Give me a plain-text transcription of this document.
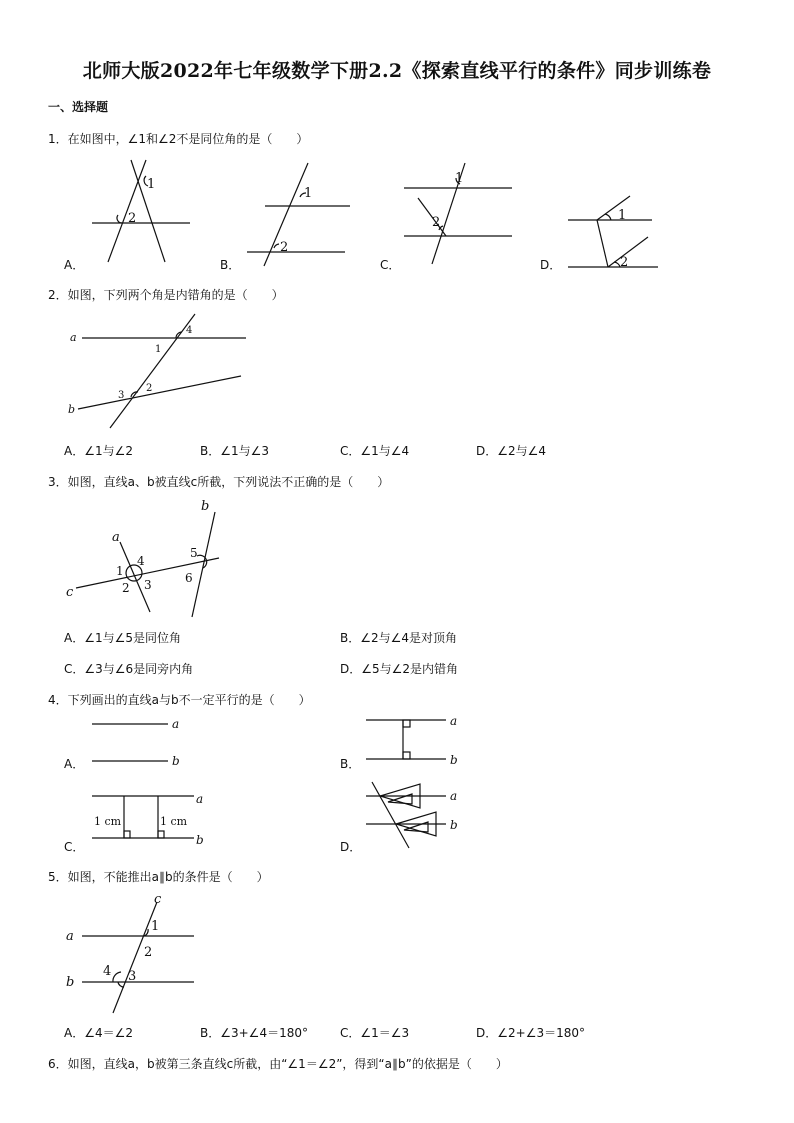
北师大版2022年七年级数学下册2.2《探索直线平行的条件》同步训练卷
一、选择题
1．在如图中，∠1和∠2不是同位角的是（　　）
A．	B．	C．	D．
1
2
1
2
1
2	1
2
2．如图，下列两个角是内错角的是（　　）
a
b
4
1
2
3
A．∠1与∠2	B．∠1与∠3	C．∠1与∠4	D．∠2与∠4
3．如图，直线a、b被直线c所截，下列说法不正确的是（　　）
b
a
c
4
1
2 3
5
6
A．∠1与∠5是同位角	B．∠2与∠4是对顶角
C．∠3与∠6是同旁内角	D．∠5与∠2是内错角
4．下列画出的直线a与b不一定平行的是（　　）
A．	B．
C．	D．
a
b
a
b
a
b
a
b
1 cm	1 cm
5．如图，不能推出a∥b的条件是（　　）
a
b
c
1
2
3
4
A．∠4＝∠2	B．∠3+∠4＝180°	C．∠1＝∠3	D．∠2+∠3＝180°
6．如图，直线a，b被第三条直线c所截，由“∠1＝∠2”，得到“a∥b”的依据是（　　）
